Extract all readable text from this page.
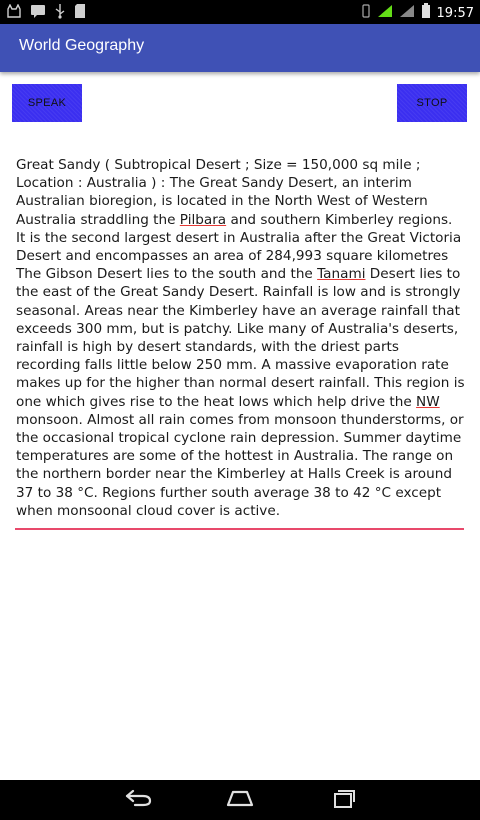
19:57
World Geography
SPEAK	STOP

Great Sandy ( Subtropical Desert ; Size = 150,000 sq mile ; Location : Australia ) : The Great Sandy Desert, an interim Australian bioregion, is located in the North West of Western Australia straddling the Pilbara and southern Kimberley regions. It is the second largest desert in Australia after the Great Victoria Desert and encompasses an area of 284,993 square kilometres The Gibson Desert lies to the south and the Tanami Desert lies to the east of the Great Sandy Desert. Rainfall is low and is strongly seasonal. Areas near the Kimberley have an average rainfall that exceeds 300 mm, but is patchy. Like many of Australia's deserts, rainfall is high by desert standards, with the driest parts recording falls little below 250 mm. A massive evaporation rate makes up for the higher than normal desert rainfall. This region is one which gives rise to the heat lows which help drive the NW monsoon. Almost all rain comes from monsoon thunderstorms, or the occasional tropical cyclone rain depression. Summer daytime temperatures are some of the hottest in Australia. The range on the northern border near the Kimberley at Halls Creek is around 37 to 38 °C. Regions further south average 38 to 42 °C except when monsoonal cloud cover is active.
